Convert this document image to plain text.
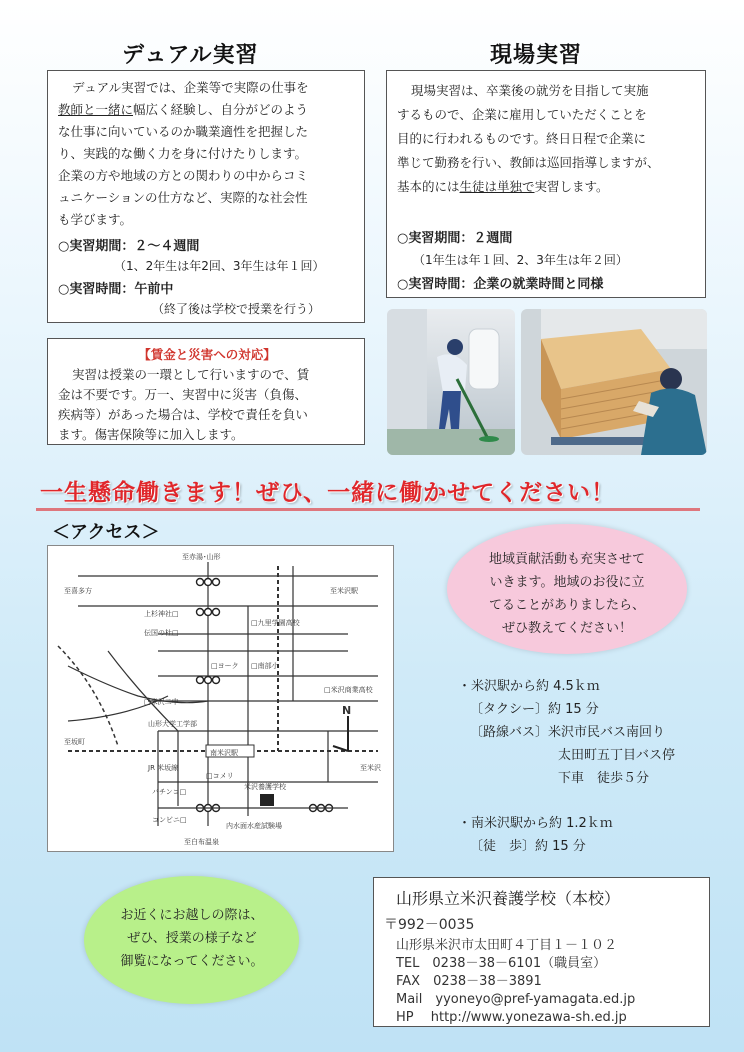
デュアル実習
デュアル実習では、企業等で実際の仕事を
教師と一緒に幅広く経験し、自分がどのよう
な仕事に向いているのか職業適性を把握した
り、実践的な働く力を身に付けたりします。
企業の方や地域の方との関わりの中からコミ
ュニケーションの仕方など、実際的な社会性
も学びます。
○実習期間：２～４週間
（1、2年生は年2回、3年生は年１回）
○実習時間：午前中
（終了後は学校で授業を行う）
【賃金と災害への対応】
実習は授業の一環として行いますので、賃
金は不要です。万一、実習中に災害（負傷、
疾病等）があった場合は、学校で責任を負い
ます。傷害保険等に加入します。
現場実習
現場実習は、卒業後の就労を目指して実施
するもので、企業に雇用していただくことを
目的に行われるものです。終日日程で企業に
準じて勤務を行い、教師は巡回指導しますが、
基本的には生徒は単独で実習します。
○実習期間：２週間
（1年生は年１回、2、3年生は年２回）
○実習時間：企業の就業時間と同様
一生懸命働きます！ぜひ、一緒に働かせてください！
＜アクセス＞
至赤湯･山形
至喜多方	至米沢駅
上杉神社□
伝国の杜□
□九里学園高校
□ヨーク □南部小
□米沢商業高校
□米沢二中
山形大学工学部
南米沢駅
JR 米坂線
至坂町
至米沢
□コメリ
米沢養護学校
パチンコ□
コンビニ□
内水面水産試験場
至白布温泉
N
地域貢献活動も充実させて
いきます。地域のお役に立
てることがありましたら、
ぜひ教えてください！
・米沢駅から約 4.5ｋｍ
〔タクシー〕約 15 分
〔路線バス〕米沢市民バス南回り
太田町五丁目バス停
下車　徒歩５分
・南米沢駅から約 1.2ｋｍ
〔徒　歩〕約 15 分
お近くにお越しの際は、
ぜひ、授業の様子など
御覧になってください。
山形県立米沢養護学校（本校）
〒992－0035
山形県米沢市太田町４丁目１－１０２
TEL　0238－38－6101（職員室）
FAX　0238－38－3891
Mail　yyoneyo@pref-yamagata.ed.jp
HP　 http://www.yonezawa-sh.ed.jp
